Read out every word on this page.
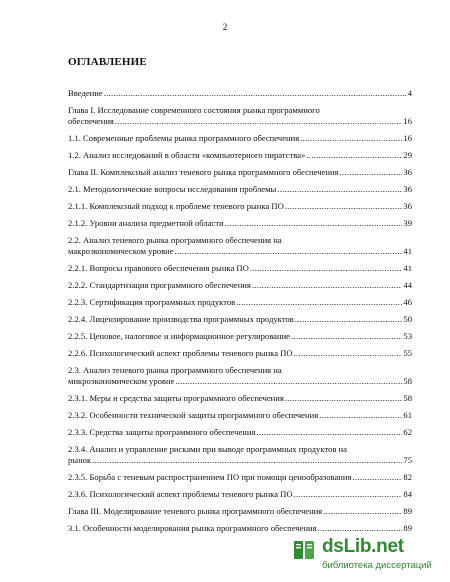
2
ОГЛАВЛЕНИЕ
Введение .....	4
Глава I. Исследование современного состояния рынка программного
обеспечения .....	16
1.1. Современные проблемы рынка программного обеспечения .....	16
1.2. Анализ исследований в области «компьютерного пиратства» .....	29
Глава II. Комплексный анализ теневого рынка программного обеспечения .....	36
2.1. Методологические вопросы исследования проблемы .....	36
2.1.1. Комплексный подход к проблеме теневого рынка ПО .....	36
2.1.2. Уровни анализа предметной области .....	39
2.2. Анализ теневого рынка программного обеспечения на
макроэкономическом уровне .....	41
2.2.1. Вопросы правового обеспечения рынка ПО .....	41
2.2.2. Стандартизация программного обеспечения .....	44
2.2.3. Сертификация программных продуктов .....	46
2.2.4. Лицензирование производства программных продуктов .....	50
2.2.5. Ценовое, налоговое и информационное регулирование .....	53
2.2.6. Психологический аспект проблемы теневого рынка ПО .....	55
2.3. Анализ теневого рынка программного обеспечения на
микроэкономическом уровне .....	58
2.3.1. Меры и средства защиты программного обеспечения .....	58
2.3.2. Особенности технической защиты программного обеспечения .....	61
2.3.3. Средства защиты программного обеспечения .....	62
2.3.4. Анализ и управление рисками при выводе программных продуктов на
рынок .....	75
2.3.5. Борьба с теневым распространением ПО при помощи ценообразования .....	82
2.3.6. Психологический аспект проблемы теневого рынка ПО .....	84
Глава III. Моделирование теневого рынка программного обеспечения .....	89
3.1. Особенности моделирования рынка программного обеспечения .....	89
dsLib.net
библиотека диссертаций
